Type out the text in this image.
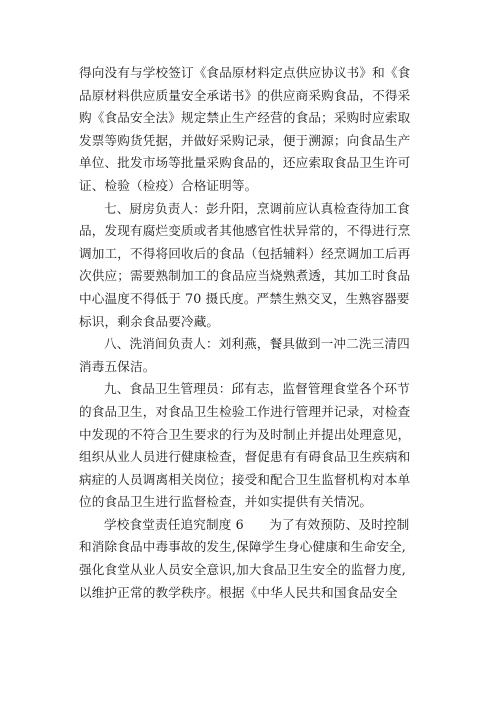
得向没有与学校签订《食品原材料定点供应协议书》和《食
品原材料供应质量安全承诺书》的供应商采购食品，不得采
购《食品安全法》规定禁止生产经营的食品；采购时应索取
发票等购货凭据，并做好采购记录，便于溯源；向食品生产
单位、批发市场等批量采购食品的，还应索取食品卫生许可
证、检验（检疫）合格证明等。
七、厨房负责人：彭升阳，烹调前应认真检查待加工食
品，发现有腐烂变质或者其他感官性状异常的，不得进行烹
调加工，不得将回收后的食品（包括辅料）经烹调加工后再
次供应；需要熟制加工的食品应当烧熟煮透，其加工时食品
中心温度不得低于 70 摄氏度。严禁生熟交叉，生熟容器要
标识，剩余食品要冷藏。
八、洗消间负责人：刘利燕，餐具做到一冲二洗三清四
消毒五保洁。
九、食品卫生管理员：邱有志，监督管理食堂各个环节
的食品卫生，对食品卫生检验工作进行管理并记录，对检查
中发现的不符合卫生要求的行为及时制止并提出处理意见，
组织从业人员进行健康检查，督促患有有碍食品卫生疾病和
病症的人员调离相关岗位；接受和配合卫生监督机构对本单
位的食品卫生进行监督检查，并如实提供有关情况。
学校食堂责任追究制度 6　　为了有效预防、及时控制
和消除食品中毒事故的发生,保障学生身心健康和生命安全,
强化食堂从业人员安全意识,加大食品卫生安全的监督力度,
以维护正常的教学秩序。根据《中华人民共和国食品安全
